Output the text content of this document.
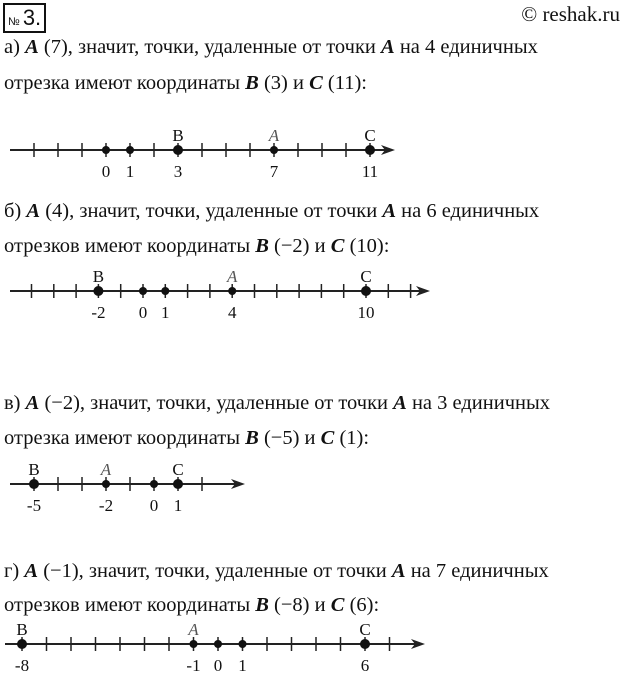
№ 3.	© reshak.ru
а) A (7), значит, точки, удаленные от точки A на 4 единичных
отрезка имеют координаты B (3) и C (11):
B	A	C
0 1 3	7	11
б) A (4), значит, точки, удаленные от точки A на 6 единичных
отрезков имеют координаты B (−2) и C (10):
B	A	C
-2 0 1	4	10
в) A (−2), значит, точки, удаленные от точки A на 3 единичных
отрезка имеют координаты B (−5) и C (1):
B	A	C
-5	-2 0 1
г) A (−1), значит, точки, удаленные от точки A на 7 единичных
отрезков имеют координаты B (−8) и C (6):
B	A	C
-8	-1 0 1	6
